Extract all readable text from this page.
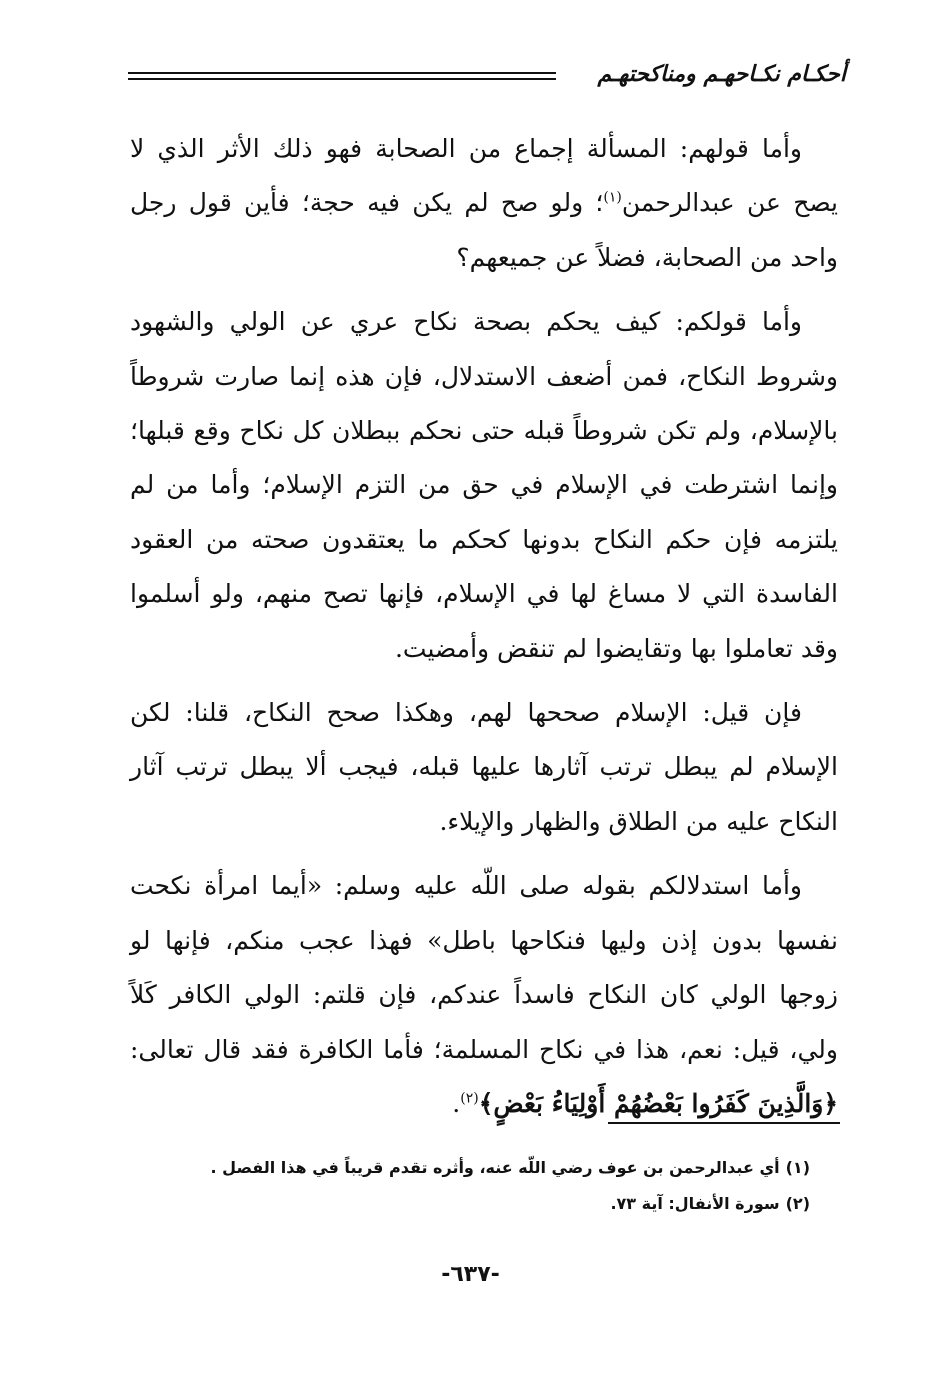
أحكـام نكـاحهـم ومناكحتهـم

وأما قولهم: المسألة إجماع من الصحابة فهو ذلك الأثر الذي لا يصح عن عبدالرحمن$^{(١)}$؛ ولو صح لم يكن فيه حجة؛ فأين قول رجل واحد من الصحابة، فضلاً عن جميعهم؟

وأما قولكم: كيف يحكم بصحة نكاح عري عن الولي والشهود وشروط النكاح، فمن أضعف الاستدلال، فإن هذه إنما صارت شروطاً بالإسلام، ولم تكن شروطاً قبله حتى نحكم ببطلان كل نكاح وقع قبلها؛ وإنما اشترطت في الإسلام في حق من التزم الإسلام؛ وأما من لم يلتزمه فإن حكم النكاح بدونها كحكم ما يعتقدون صحته من العقود الفاسدة التي لا مساغ لها في الإسلام، فإنها تصح منهم، ولو أسلموا وقد تعاملوا بها وتقايضوا لم تنقض وأمضيت.

فإن قيل: الإسلام صححها لهم، وهكذا صحح النكاح، قلنا: لكن الإسلام لم يبطل ترتب آثارها عليها قبله، فيجب ألا يبطل ترتب آثار النكاح عليه من الطلاق والظهار والإيلاء.

وأما استدلالكم بقوله صلى اللّه عليه وسلم: «أيما امرأة نكحت نفسها بدون إذن وليها فنكاحها باطل» فهذا عجب منكم، فإنها لو زوجها الولي كان النكاح فاسداً عندكم، فإن قلتم: الولي الكافر كَلاً ولي، قيل: نعم، هذا في نكاح المسلمة؛ فأما الكافرة فقد قال تعالى: ﴿وَالَّذِينَ كَفَرُوا بَعْضُهُمْ أَوْلِيَاءُ بَعْضٍ﴾$^{(٢)}$.

(١)أي عبدالرحمن بن عوف رضي اللّه عنه، وأثره تقدم قريباً في هذا الفصل .
(٢)سورة الأنفال: آية ٧٣.
-٦٣٧-
